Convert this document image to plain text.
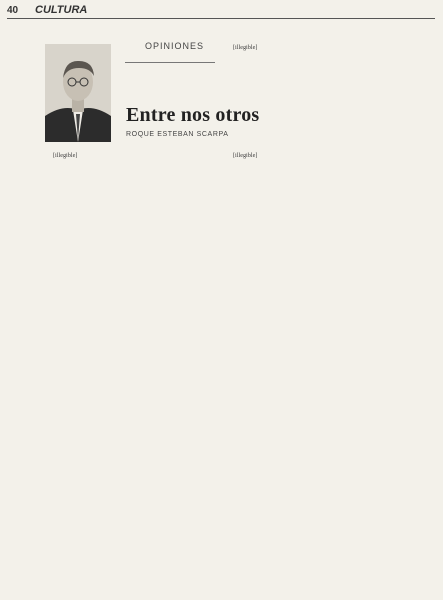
40 CULTURA
OPINIONES
Entre nos otros
ROQUE ESTEBAN SCARPA

[illegible]

[illegible]	[illegible]
